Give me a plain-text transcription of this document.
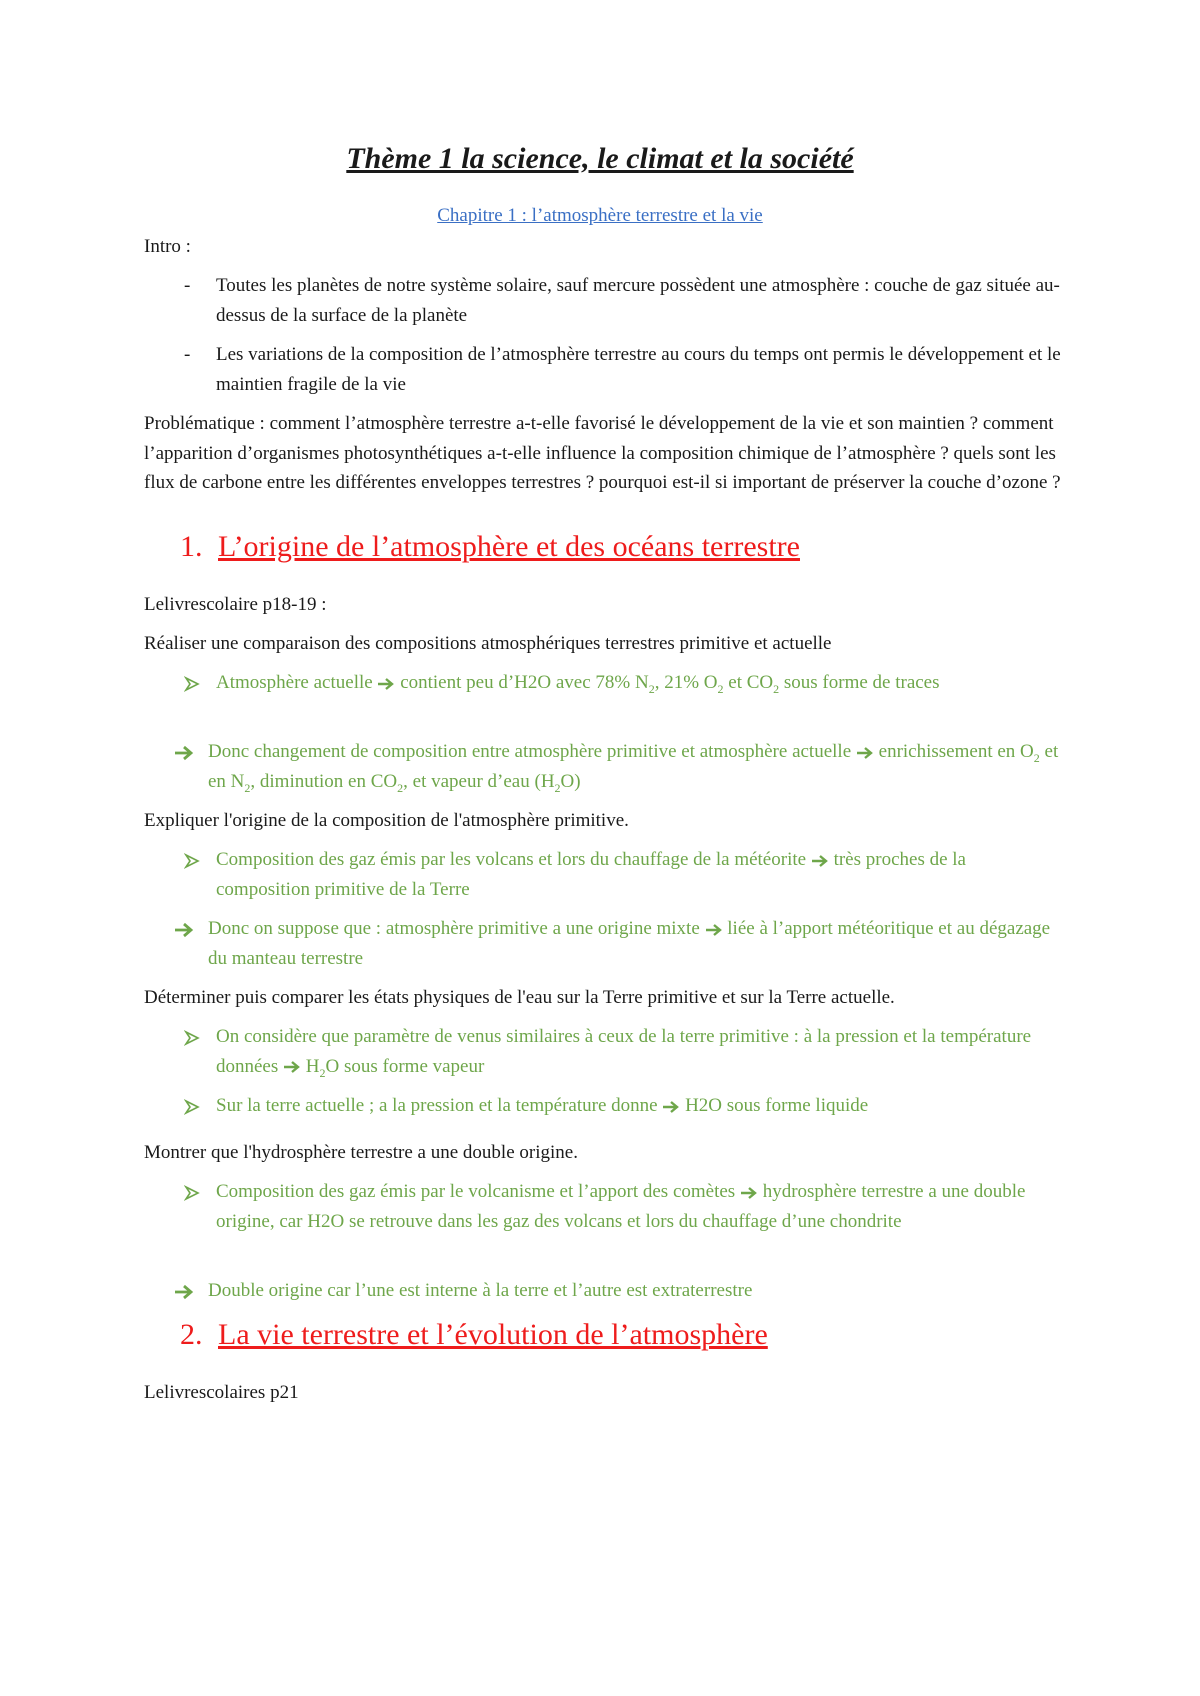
Thème 1 la science, le climat et la société
Chapitre 1 : l’atmosphère terrestre et la vie
Intro :
- Toutes les planètes de notre système solaire, sauf mercure possèdent une atmosphère : couche de gaz située au-dessus de la surface de la planète
- Les variations de la composition de l’atmosphère terrestre au cours du temps ont permis le développement et le maintien fragile de la vie
Problématique : comment l’atmosphère terrestre a-t-elle favorisé le développement de la vie et son maintien ? comment l’apparition d’organismes photosynthétiques a-t-elle influence la composition chimique de l’atmosphère ? quels sont les flux de carbone entre les différentes enveloppes terrestres ? pourquoi est-il si important de préserver la couche d’ozone ?
1. L’origine de l’atmosphère et des océans terrestre
Lelivrescolaire p18-19 :
Réaliser une comparaison des compositions atmosphériques terrestres primitive et actuelle
Atmosphère actuelle contient peu d’H2O avec 78% $N_2$, 21% $O_2$ et $CO_2$ sous forme de traces
Donc changement de composition entre atmosphère primitive et atmosphère actuelle enrichissement en $O_2$ et en $N_2$, diminution en $CO_2$, et vapeur d’eau $(H_2O)$
Expliquer l'origine de la composition de l'atmosphère primitive.
Composition des gaz émis par les volcans et lors du chauffage de la météorite très proches de la composition primitive de la Terre
Donc on suppose que : atmosphère primitive a une origine mixte liée à l’apport météoritique et au dégazage du manteau terrestre
Déterminer puis comparer les états physiques de l'eau sur la Terre primitive et sur la Terre actuelle.
On considère que paramètre de venus similaires à ceux de la terre primitive : à la pression et la température données $H_2O$ sous forme vapeur
Sur la terre actuelle ; a la pression et la température donne H2O sous forme liquide
Montrer que l'hydrosphère terrestre a une double origine.
Composition des gaz émis par le volcanisme et l’apport des comètes hydrosphère terrestre a une double origine, car H2O se retrouve dans les gaz des volcans et lors du chauffage d’une chondrite
Double origine car l’une est interne à la terre et l’autre est extraterrestre
2. La vie terrestre et l’évolution de l’atmosphère
Lelivrescolaires p21
